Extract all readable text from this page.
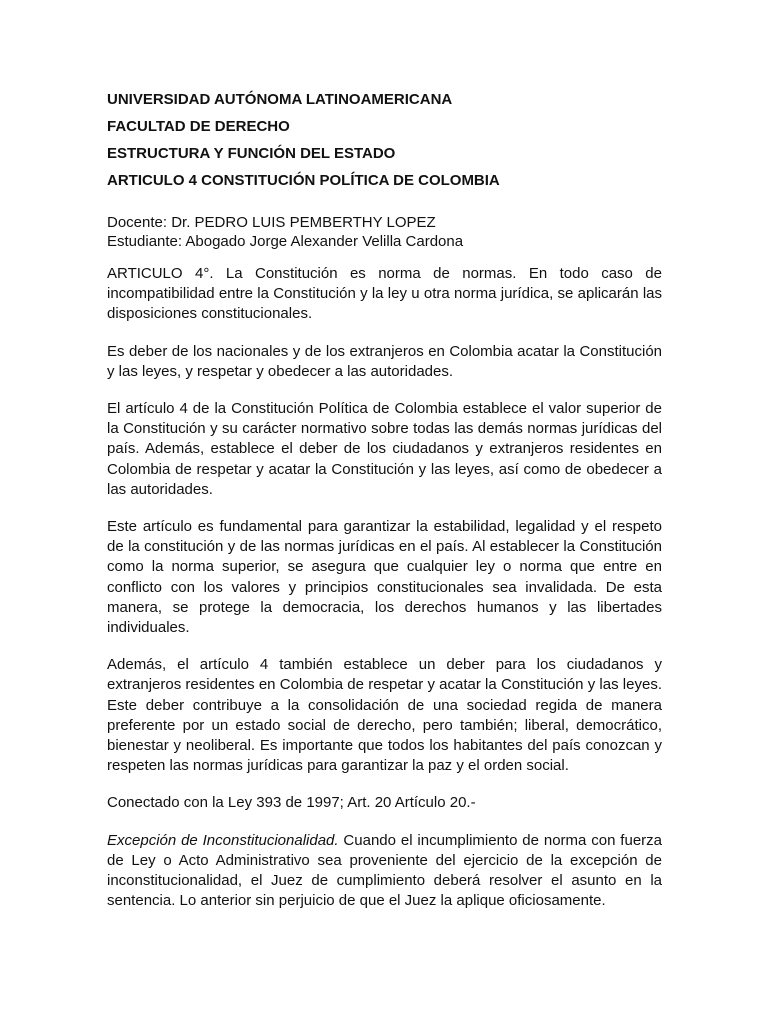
UNIVERSIDAD AUTÓNOMA LATINOAMERICANA
FACULTAD DE DERECHO
ESTRUCTURA Y FUNCIÓN DEL ESTADO
ARTICULO 4 CONSTITUCIÓN POLÍTICA DE COLOMBIA
Docente: Dr. PEDRO LUIS PEMBERTHY LOPEZ
Estudiante: Abogado Jorge Alexander Velilla Cardona

ARTICULO 4°. La Constitución es norma de normas. En todo caso de incompatibilidad entre la Constitución y la ley u otra norma jurídica, se aplicarán las disposiciones constitucionales.

Es deber de los nacionales y de los extranjeros en Colombia acatar la Constitución y las leyes, y respetar y obedecer a las autoridades.

El artículo 4 de la Constitución Política de Colombia establece el valor superior de la Constitución y su carácter normativo sobre todas las demás normas jurídicas del país. Además, establece el deber de los ciudadanos y extranjeros residentes en Colombia de respetar y acatar la Constitución y las leyes, así como de obedecer a las autoridades.

Este artículo es fundamental para garantizar la estabilidad, legalidad y el respeto de la constitución y de las normas jurídicas en el país. Al establecer la Constitución como la norma superior, se asegura que cualquier ley o norma que entre en conflicto con los valores y principios constitucionales sea invalidada. De esta manera, se protege la democracia, los derechos humanos y las libertades individuales.

Además, el artículo 4 también establece un deber para los ciudadanos y extranjeros residentes en Colombia de respetar y acatar la Constitución y las leyes. Este deber contribuye a la consolidación de una sociedad regida de manera preferente por un estado social de derecho, pero también; liberal, democrático, bienestar y neoliberal. Es importante que todos los habitantes del país conozcan y respeten las normas jurídicas para garantizar la paz y el orden social.

Conectado con la Ley 393 de 1997; Art. 20 Artículo 20.-

Excepción de Inconstitucionalidad. Cuando el incumplimiento de norma con fuerza de Ley o Acto Administrativo sea proveniente del ejercicio de la excepción de inconstitucionalidad, el Juez de cumplimiento deberá resolver el asunto en la sentencia. Lo anterior sin perjuicio de que el Juez la aplique oficiosamente.
